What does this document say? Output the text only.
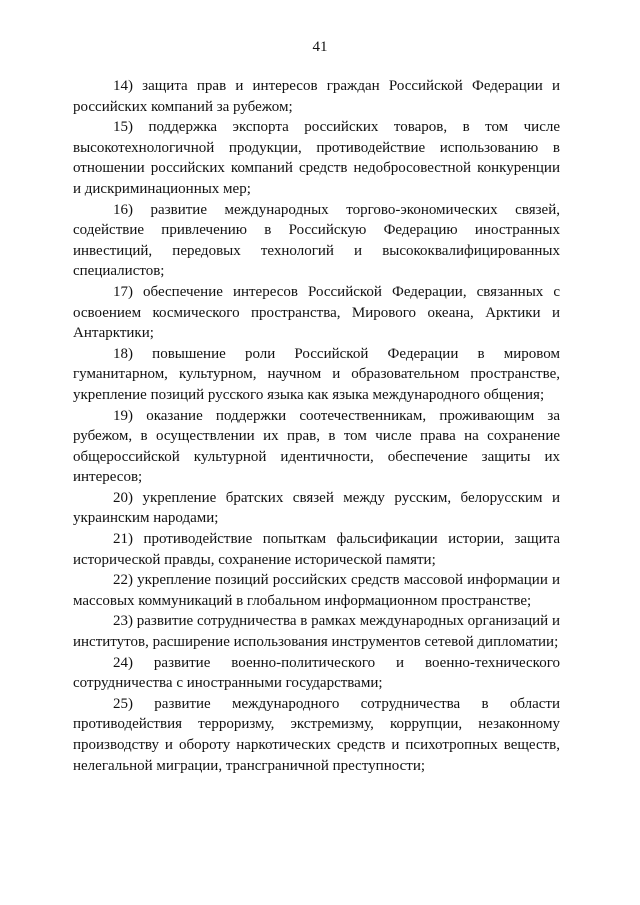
41

14) защита прав и интересов граждан Российской Федерации и российских компаний за рубежом;

15) поддержка экспорта российских товаров, в том числе высокотехнологичной продукции, противодействие использованию в отношении российских компаний средств недобросовестной конкуренции и дискриминационных мер;

16) развитие международных торгово-экономических связей, содействие привлечению в Российскую Федерацию иностранных инвестиций, передовых технологий и высококвалифицированных специалистов;

17) обеспечение интересов Российской Федерации, связанных с освоением космического пространства, Мирового океана, Арктики и Антарктики;

18) повышение роли Российской Федерации в мировом гуманитарном, культурном, научном и образовательном пространстве, укрепление позиций русского языка как языка международного общения;

19) оказание поддержки соотечественникам, проживающим за рубежом, в осуществлении их прав, в том числе права на сохранение общероссийской культурной идентичности, обеспечение защиты их интересов;

20) укрепление братских связей между русским, белорусским и украинским народами;

21) противодействие попыткам фальсификации истории, защита исторической правды, сохранение исторической памяти;

22) укрепление позиций российских средств массовой информации и массовых коммуникаций в глобальном информационном пространстве;

23) развитие сотрудничества в рамках международных организаций и институтов, расширение использования инструментов сетевой дипломатии;

24) развитие военно-политического и военно-технического сотрудничества с иностранными государствами;

25) развитие международного сотрудничества в области противодействия терроризму, экстремизму, коррупции, незаконному производству и обороту наркотических средств и психотропных веществ, нелегальной миграции, трансграничной преступности;
